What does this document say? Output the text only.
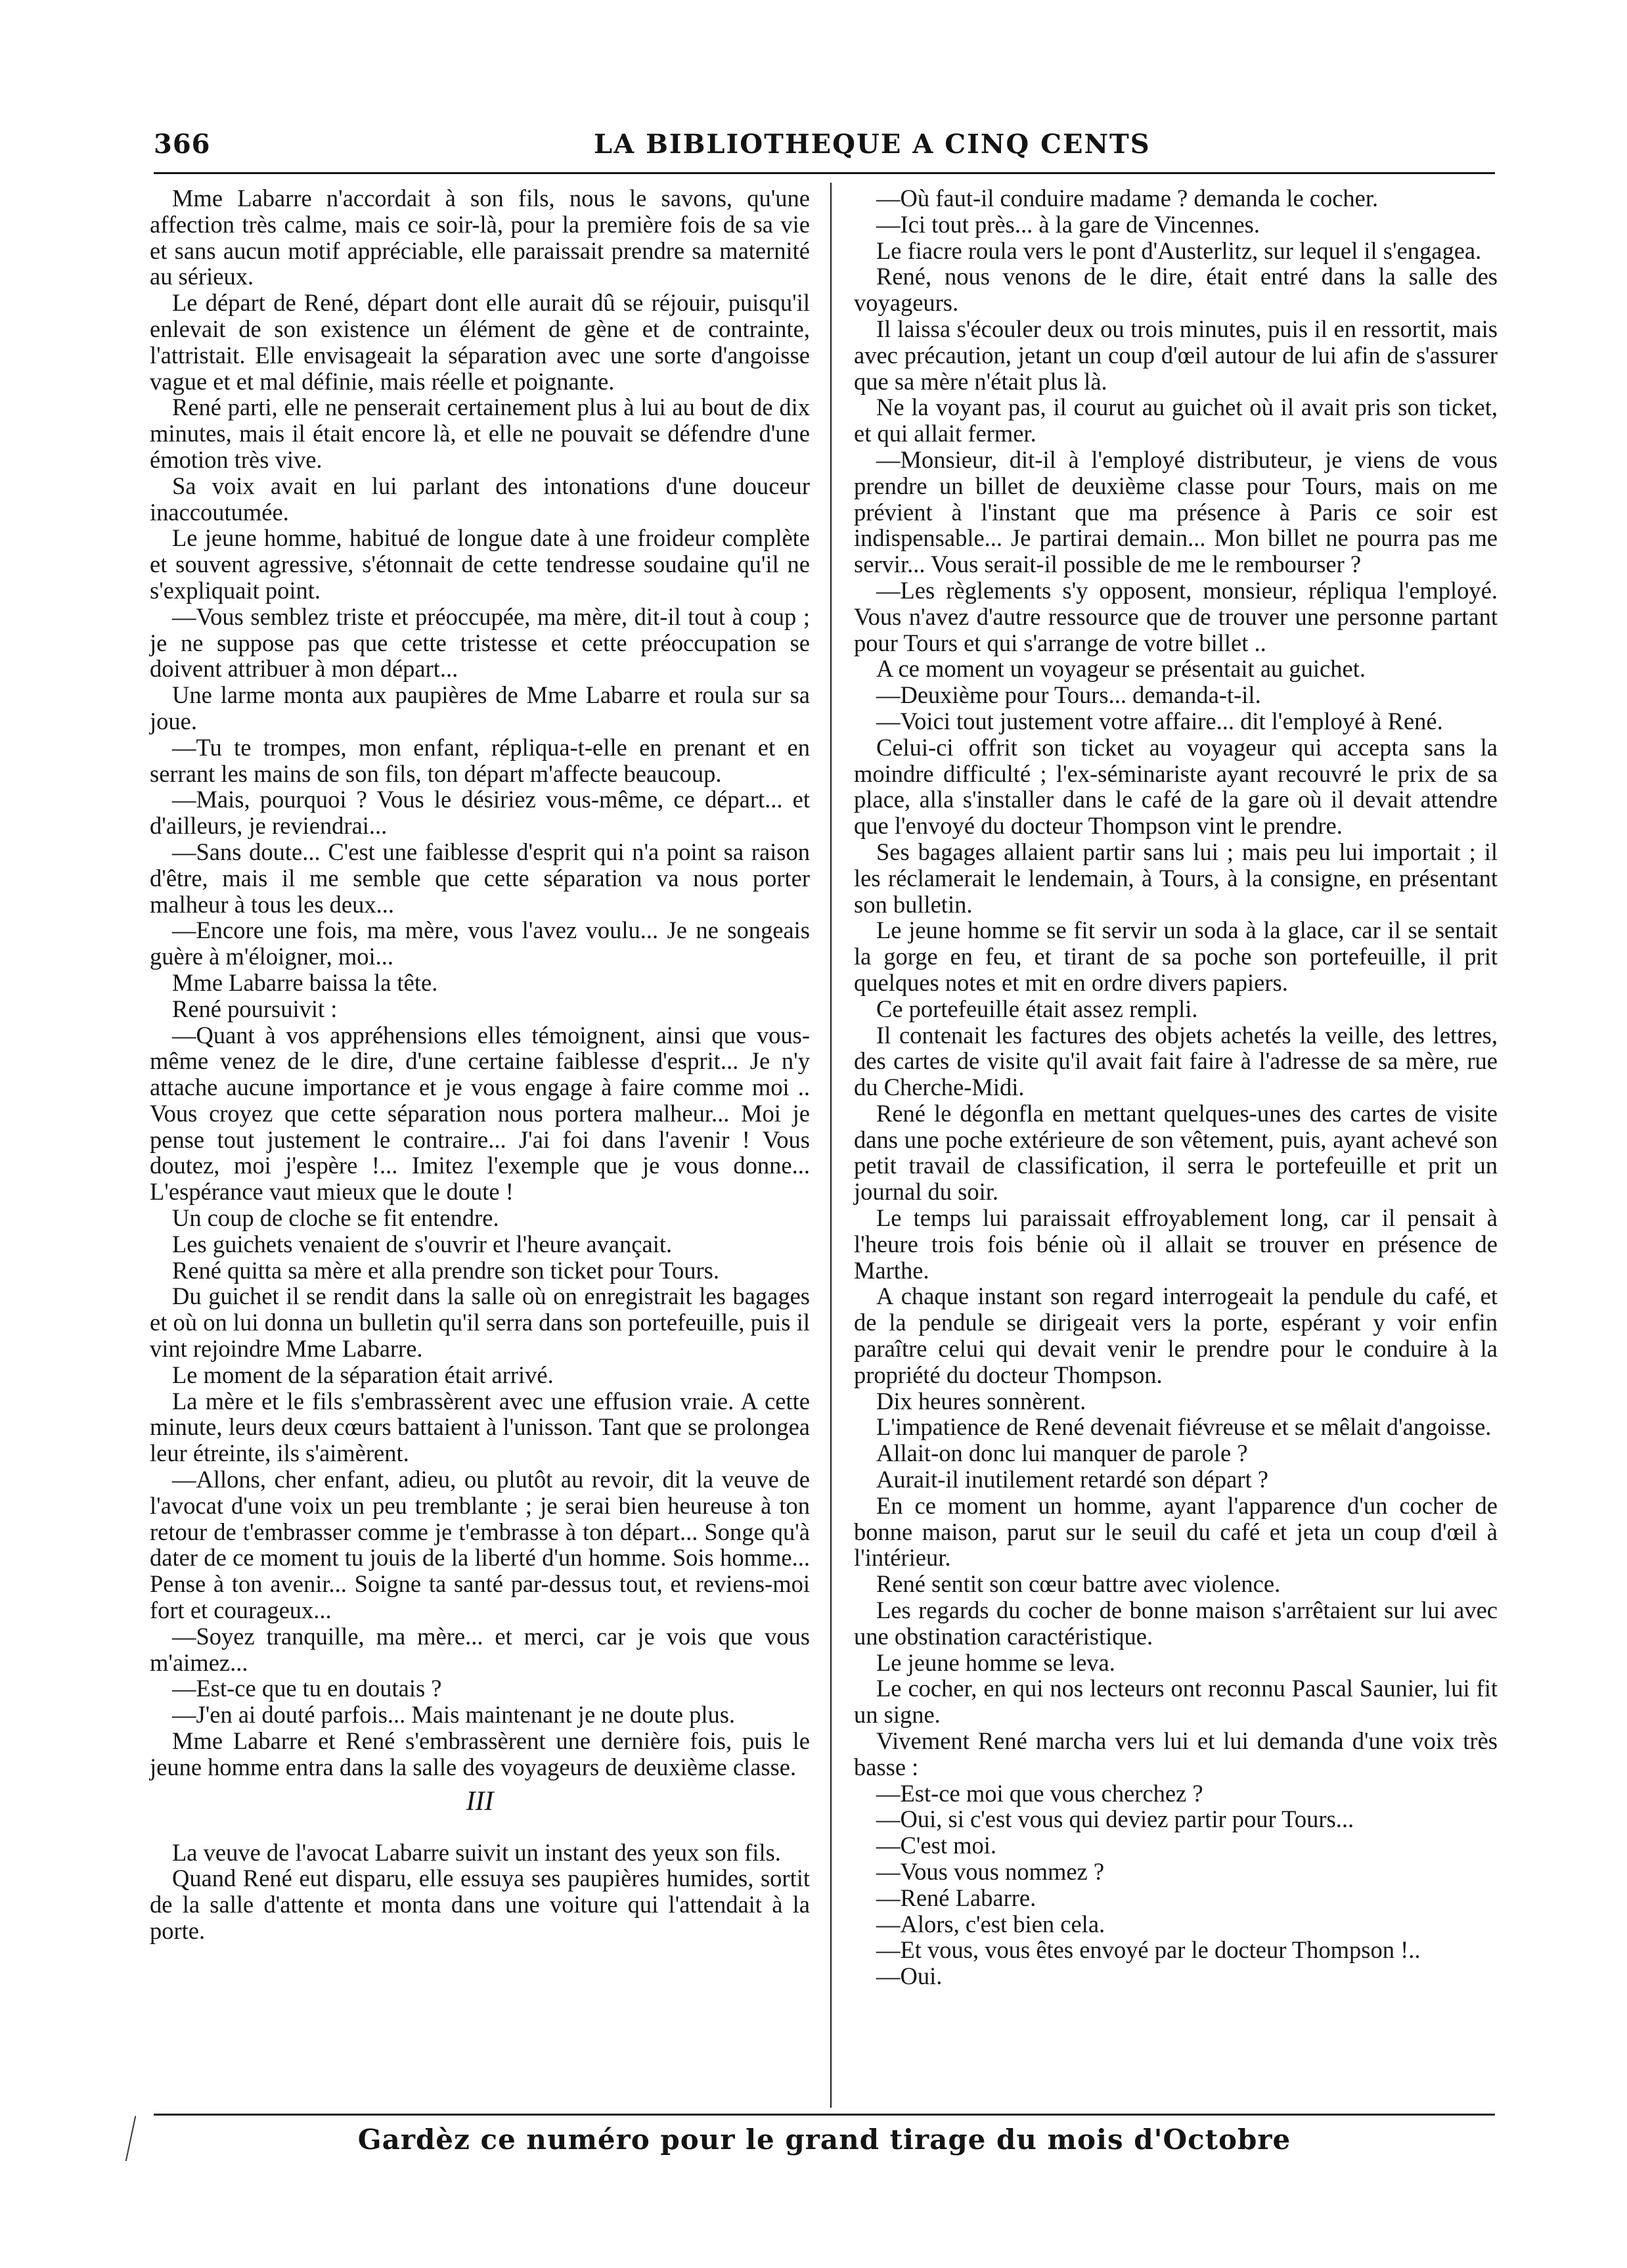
366	LA BIBLIOTHEQUE A CINQ CENTS

Mme Labarre n'accordait à son fils, nous le savons, qu'une affection très calme, mais ce soir-là, pour la première fois de sa vie et sans aucun motif appréciable, elle paraissait prendre sa maternité au sérieux.

Le départ de René, départ dont elle aurait dû se réjouir, puisqu'il enlevait de son existence un élément de gène et de contrainte, l'attristait. Elle envisageait la séparation avec une sorte d'angoisse vague et et mal définie, mais réelle et poignante.

René parti, elle ne penserait certainement plus à lui au bout de dix minutes, mais il était encore là, et elle ne pouvait se défendre d'une émotion très vive.

Sa voix avait en lui parlant des intonations d'une douceur inaccoutumée.

Le jeune homme, habitué de longue date à une froideur complète et souvent agressive, s'étonnait de cette tendresse soudaine qu'il ne s'expliquait point.

—Vous semblez triste et préoccupée, ma mère, dit-il tout à coup ; je ne suppose pas que cette tristesse et cette préoccupation se doivent attribuer à mon départ...

Une larme monta aux paupières de Mme Labarre et roula sur sa joue.

—Tu te trompes, mon enfant, répliqua-t-elle en prenant et en serrant les mains de son fils, ton départ m'affecte beaucoup.

—Mais, pourquoi ? Vous le désiriez vous-même, ce départ... et d'ailleurs, je reviendrai...

—Sans doute... C'est une faiblesse d'esprit qui n'a point sa raison d'être, mais il me semble que cette séparation va nous porter malheur à tous les deux...

—Encore une fois, ma mère, vous l'avez voulu... Je ne songeais guère à m'éloigner, moi...

Mme Labarre baissa la tête.

René poursuivit :

—Quant à vos appréhensions elles témoignent, ainsi que vous-même venez de le dire, d'une certaine faiblesse d'esprit... Je n'y attache aucune importance et je vous engage à faire comme moi .. Vous croyez que cette séparation nous portera malheur... Moi je pense tout justement le contraire... J'ai foi dans l'avenir ! Vous doutez, moi j'espère !... Imitez l'exemple que je vous donne... L'espérance vaut mieux que le doute !

Un coup de cloche se fit entendre.

Les guichets venaient de s'ouvrir et l'heure avançait.

René quitta sa mère et alla prendre son ticket pour Tours.

Du guichet il se rendit dans la salle où on enregistrait les bagages et où on lui donna un bulletin qu'il serra dans son portefeuille, puis il vint rejoindre Mme Labarre.

Le moment de la séparation était arrivé.

La mère et le fils s'embrassèrent avec une effusion vraie. A cette minute, leurs deux cœurs battaient à l'unisson. Tant que se prolongea leur étreinte, ils s'aimèrent.

—Allons, cher enfant, adieu, ou plutôt au revoir, dit la veuve de l'avocat d'une voix un peu tremblante ; je serai bien heureuse à ton retour de t'embrasser comme je t'embrasse à ton départ... Songe qu'à dater de ce moment tu jouis de la liberté d'un homme. Sois homme... Pense à ton avenir... Soigne ta santé par-dessus tout, et reviens-moi fort et courageux...

—Soyez tranquille, ma mère... et merci, car je vois que vous m'aimez...

—Est-ce que tu en doutais ?

—J'en ai douté parfois... Mais maintenant je ne doute plus.

Mme Labarre et René s'embrassèrent une dernière fois, puis le jeune homme entra dans la salle des voyageurs de deuxième classe.

III

La veuve de l'avocat Labarre suivit un instant des yeux son fils.

Quand René eut disparu, elle essuya ses paupières humides, sortit de la salle d'attente et monta dans une voiture qui l'attendait à la porte.

—Où faut-il conduire madame ? demanda le cocher.

—Ici tout près... à la gare de Vincennes.

Le fiacre roula vers le pont d'Austerlitz, sur lequel il s'engagea.

René, nous venons de le dire, était entré dans la salle des voyageurs.

Il laissa s'écouler deux ou trois minutes, puis il en ressortit, mais avec précaution, jetant un coup d'œil autour de lui afin de s'assurer que sa mère n'était plus là.

Ne la voyant pas, il courut au guichet où il avait pris son ticket, et qui allait fermer.

—Monsieur, dit-il à l'employé distributeur, je viens de vous prendre un billet de deuxième classe pour Tours, mais on me prévient à l'instant que ma présence à Paris ce soir est indispensable... Je partirai demain... Mon billet ne pourra pas me servir... Vous serait-il possible de me le rembourser ?

—Les règlements s'y opposent, monsieur, répliqua l'employé. Vous n'avez d'autre ressource que de trouver une personne partant pour Tours et qui s'arrange de votre billet ..

A ce moment un voyageur se présentait au guichet.

—Deuxième pour Tours... demanda-t-il.

—Voici tout justement votre affaire... dit l'employé à René.

Celui-ci offrit son ticket au voyageur qui accepta sans la moindre difficulté ; l'ex-séminariste ayant recouvré le prix de sa place, alla s'installer dans le café de la gare où il devait attendre que l'envoyé du docteur Thompson vint le prendre.

Ses bagages allaient partir sans lui ; mais peu lui importait ; il les réclamerait le lendemain, à Tours, à la consigne, en présentant son bulletin.

Le jeune homme se fit servir un soda à la glace, car il se sentait la gorge en feu, et tirant de sa poche son portefeuille, il prit quelques notes et mit en ordre divers papiers.

Ce portefeuille était assez rempli.

Il contenait les factures des objets achetés la veille, des lettres, des cartes de visite qu'il avait fait faire à l'adresse de sa mère, rue du Cherche-Midi.

René le dégonfla en mettant quelques-unes des cartes de visite dans une poche extérieure de son vêtement, puis, ayant achevé son petit travail de classification, il serra le portefeuille et prit un journal du soir.

Le temps lui paraissait effroyablement long, car il pensait à l'heure trois fois bénie où il allait se trouver en présence de Marthe.

A chaque instant son regard interrogeait la pendule du café, et de la pendule se dirigeait vers la porte, espérant y voir enfin paraître celui qui devait venir le prendre pour le conduire à la propriété du docteur Thompson.

Dix heures sonnèrent.

L'impatience de René devenait fiévreuse et se mêlait d'angoisse.

Allait-on donc lui manquer de parole ?

Aurait-il inutilement retardé son départ ?

En ce moment un homme, ayant l'apparence d'un cocher de bonne maison, parut sur le seuil du café et jeta un coup d'œil à l'intérieur.

René sentit son cœur battre avec violence.

Les regards du cocher de bonne maison s'arrêtaient sur lui avec une obstination caractéristique.

Le jeune homme se leva.

Le cocher, en qui nos lecteurs ont reconnu Pascal Saunier, lui fit un signe.

Vivement René marcha vers lui et lui demanda d'une voix très basse :

—Est-ce moi que vous cherchez ?

—Oui, si c'est vous qui deviez partir pour Tours...

—C'est moi.

—Vous vous nommez ?

—René Labarre.

—Alors, c'est bien cela.

—Et vous, vous êtes envoyé par le docteur Thompson !..

—Oui.

Gardèz ce numéro pour le grand tirage du mois d'Octobre
